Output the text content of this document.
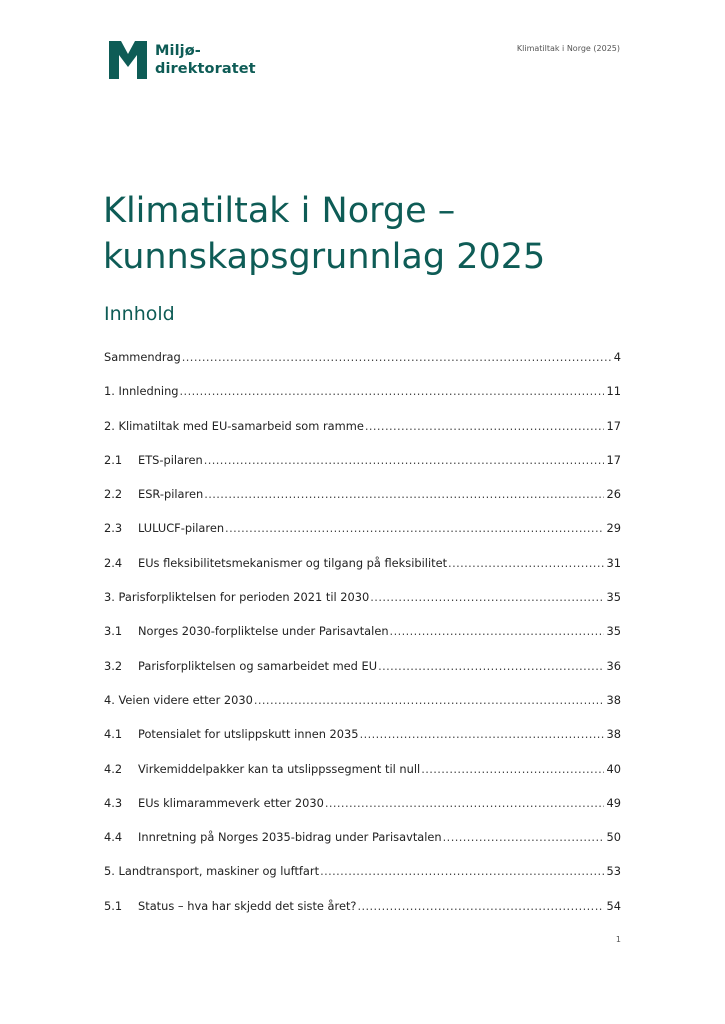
Miljø-
direktoratet
Klimatiltak i Norge (2025)
Klimatiltak i Norge – kunnskapsgrunnlag 2025
Innhold
Sammendrag .....	4
1. Innledning .....	11
2. Klimatiltak med EU-samarbeid som ramme .....	17
2.1	ETS-pilaren .....	17
2.2	ESR-pilaren .....	26
2.3	LULUCF-pilaren .....	29
2.4	EUs fleksibilitetsmekanismer og tilgang på fleksibilitet .....	31
3. Parisforpliktelsen for perioden 2021 til 2030 .....	35
3.1	Norges 2030-forpliktelse under Parisavtalen .....	35
3.2	Parisforpliktelsen og samarbeidet med EU .....	36
4. Veien videre etter 2030 .....	38
4.1	Potensialet for utslippskutt innen 2035 .....	38
4.2	Virkemiddelpakker kan ta utslippssegment til null .....	40
4.3	EUs klimarammeverk etter 2030 .....	49
4.4	Innretning på Norges 2035-bidrag under Parisavtalen .....	50
5. Landtransport, maskiner og luftfart .....	53
5.1	Status – hva har skjedd det siste året? .....	54
1
